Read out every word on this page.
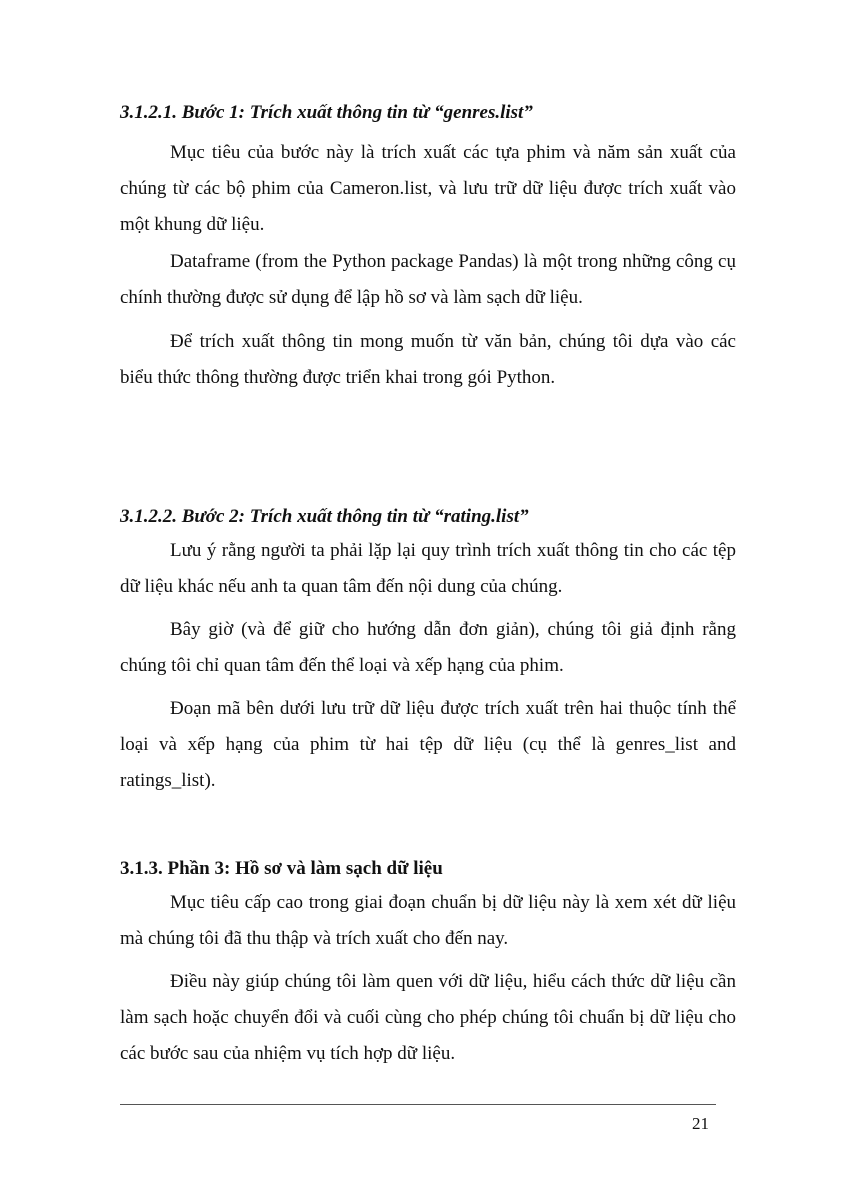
3.1.2.1. Bước 1: Trích xuất thông tin từ “genres.list”

Mục tiêu của bước này là trích xuất các tựa phim và năm sản xuất của chúng từ các bộ phim của Cameron.list, và lưu trữ dữ liệu được trích xuất vào một khung dữ liệu.

Dataframe (from the Python package Pandas) là một trong những công cụ chính thường được sử dụng để lập hồ sơ và làm sạch dữ liệu.

Để trích xuất thông tin mong muốn từ văn bản, chúng tôi dựa vào các biểu thức thông thường được triển khai trong gói Python.

3.1.2.2. Bước 2: Trích xuất thông tin từ “rating.list”

Lưu ý rằng người ta phải lặp lại quy trình trích xuất thông tin cho các tệp dữ liệu khác nếu anh ta quan tâm đến nội dung của chúng.

Bây giờ (và để giữ cho hướng dẫn đơn giản), chúng tôi giả định rằng chúng tôi chỉ quan tâm đến thể loại và xếp hạng của phim.

Đoạn mã bên dưới lưu trữ dữ liệu được trích xuất trên hai thuộc tính thể loại và xếp hạng của phim từ hai tệp dữ liệu (cụ thể là genres_list and ratings_list).

3.1.3. Phần 3: Hồ sơ và làm sạch dữ liệu

Mục tiêu cấp cao trong giai đoạn chuẩn bị dữ liệu này là xem xét dữ liệu mà chúng tôi đã thu thập và trích xuất cho đến nay.

Điều này giúp chúng tôi làm quen với dữ liệu, hiểu cách thức dữ liệu cần làm sạch hoặc chuyển đổi và cuối cùng cho phép chúng tôi chuẩn bị dữ liệu cho các bước sau của nhiệm vụ tích hợp dữ liệu.

21
